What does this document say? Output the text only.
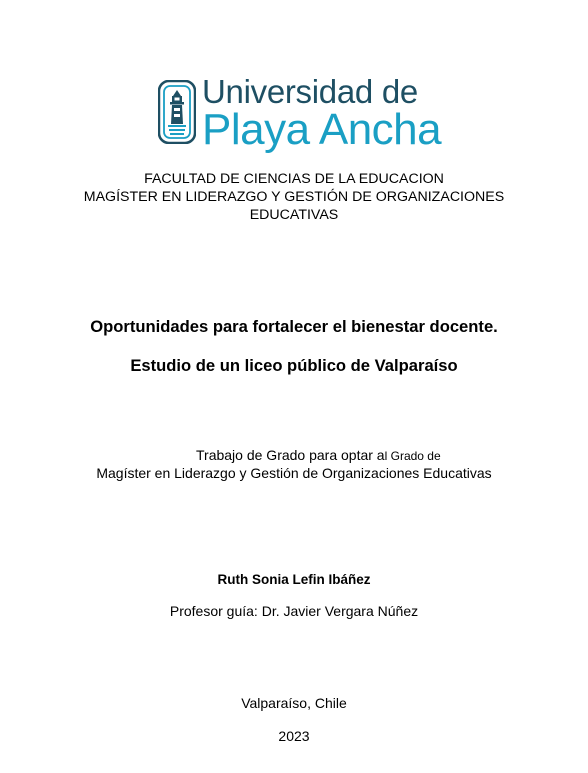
Universidad de
Playa Ancha
FACULTAD DE CIENCIAS DE LA EDUCACION
MAGÍSTER EN LIDERAZGO Y GESTIÓN DE ORGANIZACIONES
EDUCATIVAS
Oportunidades para fortalecer el bienestar docente.
Estudio de un liceo público de Valparaíso
Trabajo de Grado para optar al Grado de
Magíster en Liderazgo y Gestión de Organizaciones Educativas
Ruth Sonia Lefin Ibáñez
Profesor guía: Dr. Javier Vergara Núñez
Valparaíso, Chile
2023
